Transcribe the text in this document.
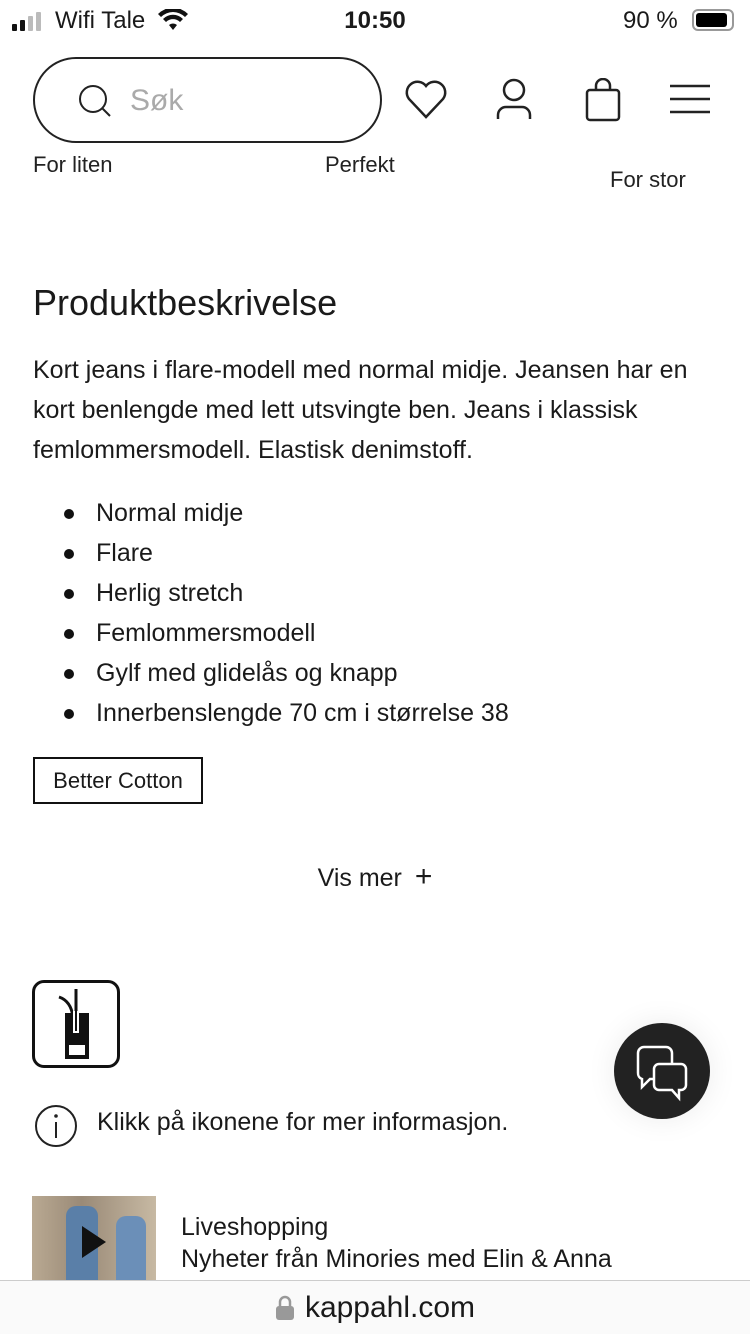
Wifi Tale	10:50	90 %
Søk
For liten	Perfekt
For stor
Produktbeskrivelse

Kort jeans i flare-modell med normal midje. Jeansen har en kort benlengde med lett utsvingte ben. Jeans i klassisk femlommersmodell. Elastisk denimstoff.

Normal midje
Flare
Herlig stretch
Femlommersmodell
Gylf med glidelås og knapp
Innerbenslengde 70 cm i størrelse 38
Better Cotton
Vis mer +
Klikk på ikonene for mer informasjon.
Liveshopping
Nyheter från Minories med Elin & Anna
kappahl.com
